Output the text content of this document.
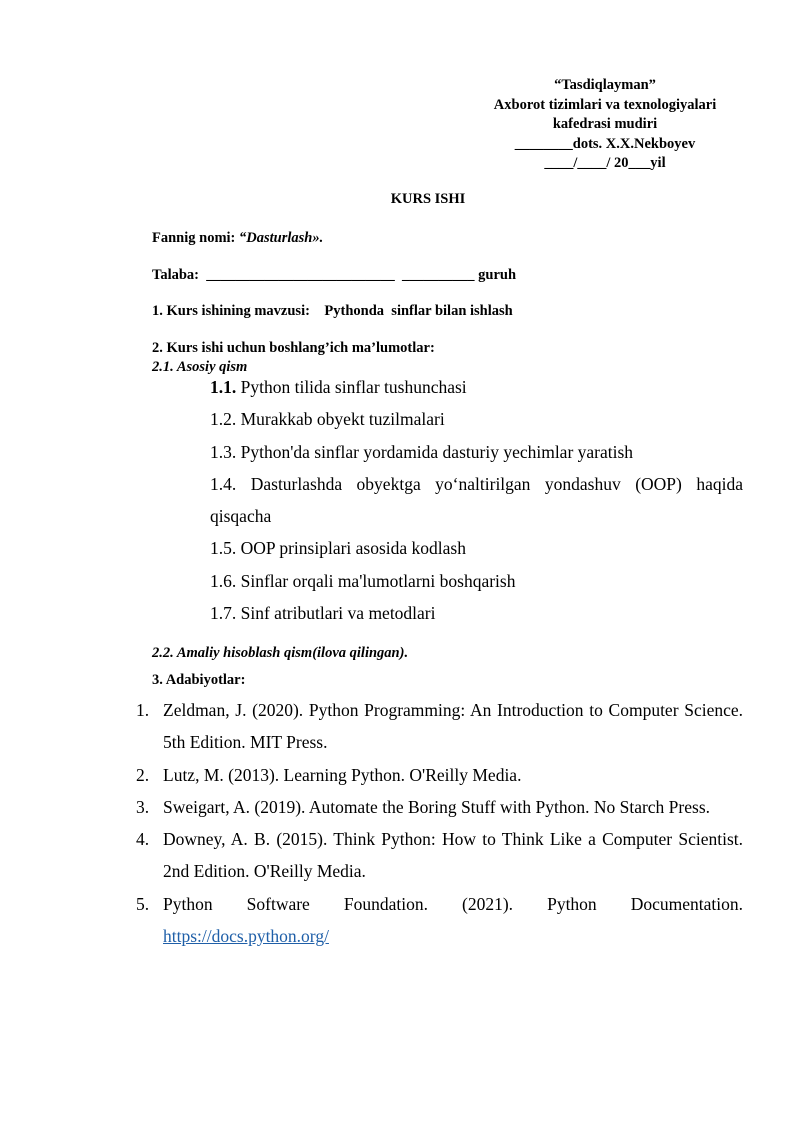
“Tasdiqlayman”
Axborot tizimlari va texnologiyalari
kafedrasi mudiri
________dots. X.X.Nekboyev
____/____/ 20___yil
KURS ISHI
Fannig nomi: “Dasturlash».
Talaba: __________________________ __________ guruh
1. Kurs ishining mavzusi: Pythonda  sinflar bilan ishlash
2. Kurs ishi uchun boshlang’ich ma’lumotlar:
2.1. Asosiy qism
1.1. Python tilida sinflar tushunchasi
1.2. Murakkab obyekt tuzilmalari
1.3. Python'da sinflar yordamida dasturiy yechimlar yaratish
1.4. Dasturlashda obyektga yo‘naltirilgan yondashuv (OOP) haqida qisqacha
1.5. OOP prinsiplari asosida kodlash
1.6. Sinflar orqali ma'lumotlarni boshqarish
1.7. Sinf atributlari va metodlari
2.2. Amaliy hisoblash qism(ilova qilingan).
3. Adabiyotlar:
1. Zeldman, J. (2020). Python Programming: An Introduction to Computer Science. 5th Edition. MIT Press.
2. Lutz, M. (2013). Learning Python. O'Reilly Media.
3. Sweigart, A. (2019). Automate the Boring Stuff with Python. No Starch Press.
4. Downey, A. B. (2015). Think Python: How to Think Like a Computer Scientist. 2nd Edition. O'Reilly Media.
5. Python Software Foundation. (2021). Python Documentation.
https://docs.python.org/
